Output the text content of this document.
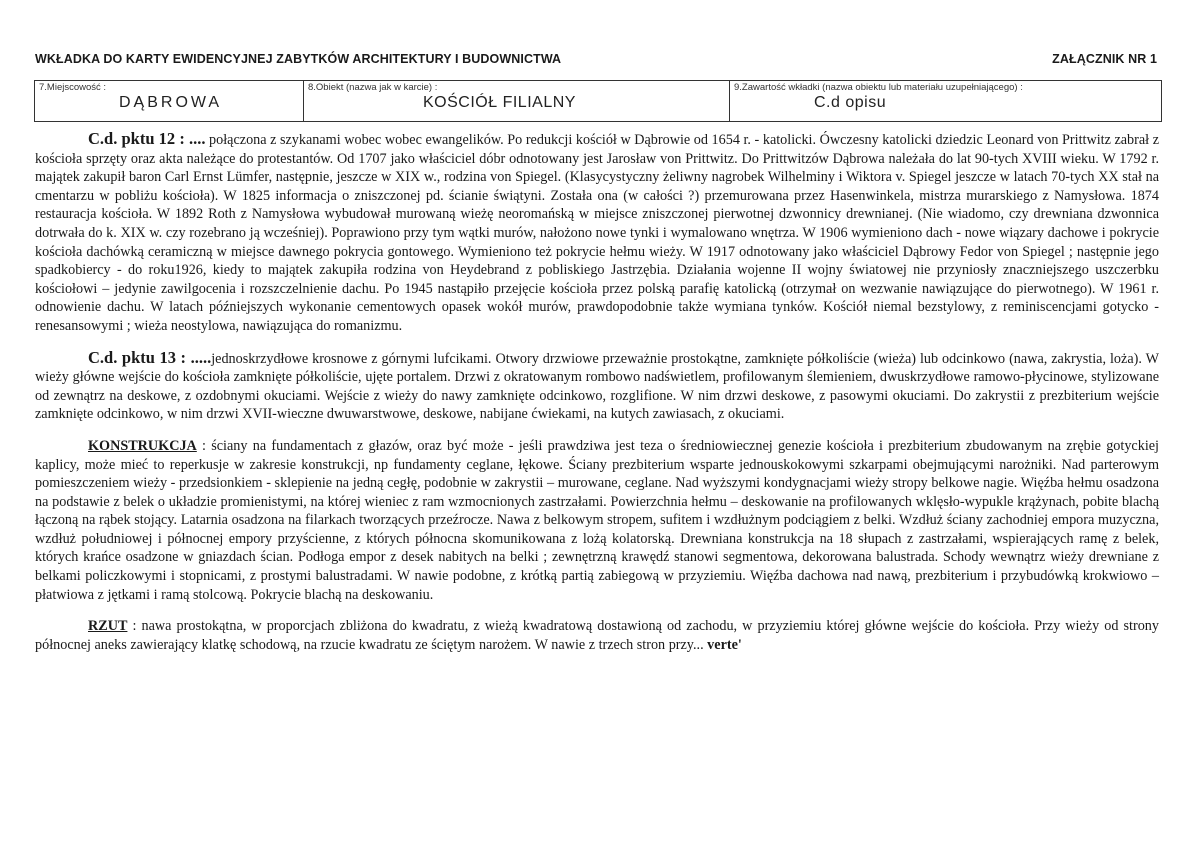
WKŁADKA DO KARTY EWIDENCYJNEJ ZABYTKÓW ARCHITEKTURY I BUDOWNICTWA	ZAŁĄCZNIK NR 1
7.Miejscowość :
DĄBROWA
8.Obiekt (nazwa jak w karcie) :
KOŚCIÓŁ FILIALNY
9.Zawartość wkładki (nazwa obiektu lub materiału uzupełniającego) :
C.d opisu

C.d. pktu 12 : .... połączona z szykanami wobec wobec ewangelików. Po redukcji kościół w Dąbrowie od 1654 r. - katolicki. Ówczesny katolicki dziedzic Leonard von Prittwitz zabrał z kościoła sprzęty oraz akta należące do protestantów. Od 1707 jako właściciel dóbr odnotowany jest Jarosław von Prittwitz. Do Prittwitzów Dąbrowa należała do lat 90-tych XVIII wieku. W 1792 r. majątek zakupił baron Carl Ernst Lümfer, następnie, jeszcze w XIX w., rodzina von Spiegel. (Klasycystyczny żeliwny nagrobek Wilhelminy i Wiktora v. Spiegel jeszcze w latach 70-tych XX stał na cmentarzu w pobliżu kościoła). W 1825 informacja o zniszczonej pd. ścianie świątyni. Została ona (w całości ?) przemurowana przez Hasenwinkela, mistrza murarskiego z Namysłowa. 1874 restauracja kościoła. W 1892 Roth z Namysłowa wybudował murowaną wieżę neoromańską w miejsce zniszczonej pierwotnej dzwonnicy drewnianej. (Nie wiadomo, czy drewniana dzwonnica dotrwała do k. XIX w. czy rozebrano ją wcześniej). Poprawiono przy tym wątki murów, nałożono nowe tynki i wymalowano wnętrza. W 1906 wymieniono dach - nowe wiązary dachowe i pokrycie kościoła dachówką ceramiczną w miejsce dawnego pokrycia gontowego. Wymieniono też pokrycie hełmu wieży. W 1917 odnotowany jako właściciel Dąbrowy Fedor von Spiegel ; następnie jego spadkobiercy - do roku1926, kiedy to majątek zakupiła rodzina von Heydebrand z pobliskiego Jastrzębia. Działania wojenne II wojny światowej nie przyniosły znaczniejszego uszczerbku kościołowi – jedynie zawilgocenia i rozszczelnienie dachu. Po 1945 nastąpiło przejęcie kościoła przez polską parafię katolicką (otrzymał on wezwanie nawiązujące do pierwotnego). W 1961 r. odnowienie dachu. W latach późniejszych wykonanie cementowych opasek wokół murów, prawdopodobnie także wymiana tynków. Kościół niemal bezstylowy, z reminiscencjami gotycko - renesansowymi ; wieża neostylowa, nawiązująca do romanizmu.

C.d. pktu 13 : .....jednoskrzydłowe krosnowe z górnymi lufcikami. Otwory drzwiowe przeważnie prostokątne, zamknięte półkoliście (wieża) lub odcinkowo (nawa, zakrystia, loża). W wieży główne wejście do kościoła zamknięte półkoliście, ujęte portalem. Drzwi z okratowanym rombowo nadświetlem, profilowanym ślemieniem, dwuskrzydłowe ramowo-płycinowe, stylizowane od zewnątrz na deskowe, z ozdobnymi okuciami. Wejście z wieży do nawy zamknięte odcinkowo, rozglifione. W nim drzwi deskowe, z pasowymi okuciami. Do zakrystii z prezbiterium wejście zamknięte odcinkowo, w nim drzwi XVII-wieczne dwuwarstwowe, deskowe, nabijane ćwiekami, na kutych zawiasach, z okuciami.

KONSTRUKCJA : ściany na fundamentach z głazów, oraz być może - jeśli prawdziwa jest teza o średniowiecznej genezie kościoła i prezbiterium zbudowanym na zrębie gotyckiej kaplicy, może mieć to reperkusje w zakresie konstrukcji, np fundamenty ceglane, łękowe. Ściany prezbiterium wsparte jednouskokowymi szkarpami obejmującymi narożniki. Nad parterowym pomieszczeniem wieży - przedsionkiem - sklepienie na jedną cegłę, podobnie w zakrystii – murowane, ceglane. Nad wyższymi kondygnacjami wieży stropy belkowe nagie. Więźba hełmu osadzona na podstawie z belek o układzie promienistymi, na której wieniec z ram wzmocnionych zastrzałami. Powierzchnia hełmu – deskowanie na profilowanych wklęsło-wypukle krążynach, pobite blachą łączoną na rąbek stojący. Latarnia osadzona na filarkach tworzących przeźrocze. Nawa z belkowym stropem, sufitem i wzdłużnym podciągiem z belki. Wzdłuż ściany zachodniej empora muzyczna, wzdłuż południowej i północnej empory przyścienne, z których północna skomunikowana z lożą kolatorską. Drewniana konstrukcja na 18 słupach z zastrzałami, wspierających ramę z belek, których krańce osadzone w gniazdach ścian. Podłoga empor z desek nabitych na belki ; zewnętrzną krawędź stanowi segmentowa, dekorowana balustrada. Schody wewnątrz wieży drewniane z belkami policzkowymi i stopnicami, z prostymi balustradami. W nawie podobne, z krótką partią zabiegową w przyziemiu. Więźba dachowa nad nawą, prezbiterium i przybudówką krokwiowo – płatwiowa z jętkami i ramą stolcową. Pokrycie blachą na deskowaniu.

RZUT : nawa prostokątna, w proporcjach zbliżona do kwadratu, z wieżą kwadratową dostawioną od zachodu, w przyziemiu której główne wejście do kościoła. Przy wieży od strony północnej aneks zawierający klatkę schodową, na rzucie kwadratu ze ściętym narożem. W nawie z trzech stron przy... verte'
